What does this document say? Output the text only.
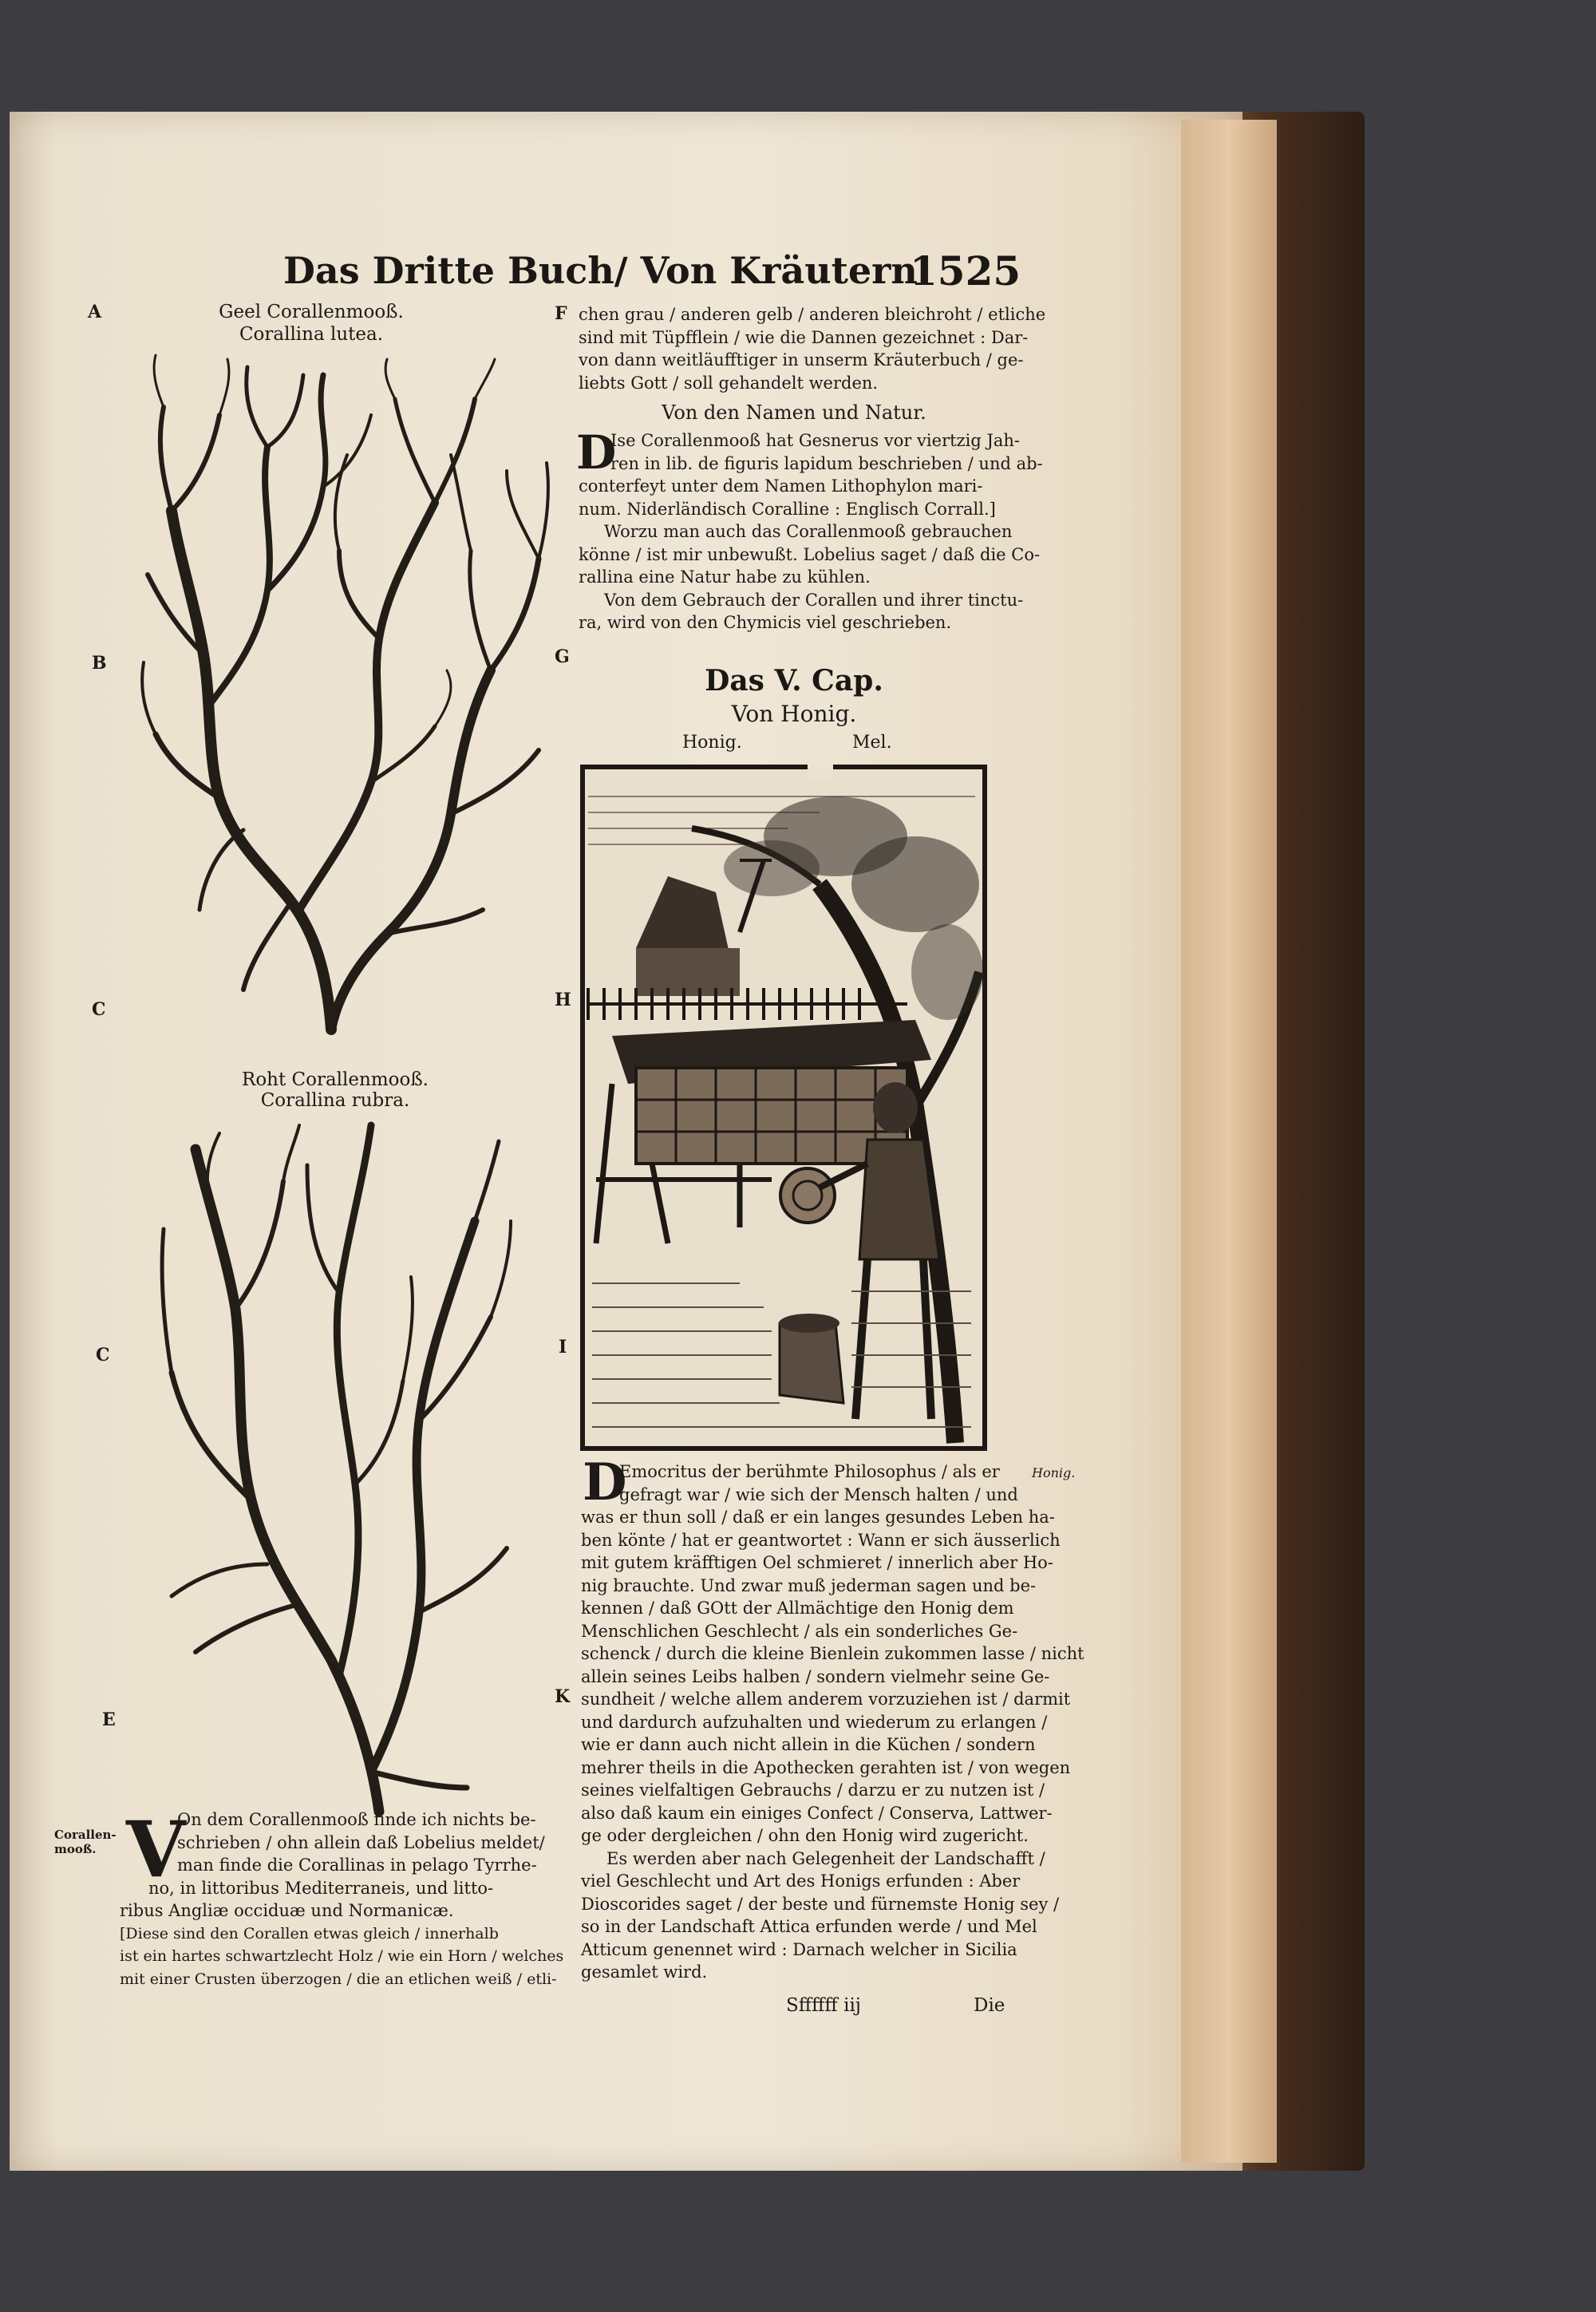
Das Dritte Buch/ Von Kräutern.
1525
A
B
C
C
E
F
G
H
I
K
Geel Corallenmooß.
Corallina lutea.
Roht Corallenmooß.
Corallina rubra.
Corallen-
mooß. V
On dem Corallenmooß finde ich nichts be-
schrieben / ohn allein daß Lobelius meldet/
man finde die Corallinas in pelago Tyrrhe-
no, in littoribus Mediterraneis, und litto-
ribus Angliæ occiduæ und Normanicæ.
[Diese sind den Corallen etwas gleich / innerhalb
ist ein hartes schwartzlecht Holz / wie ein Horn / welches
mit einer Crusten überzogen / die an etlichen weiß / etli-
chen grau / anderen gelb / anderen bleichroht / etliche
sind mit Tüpfflein / wie die Dannen gezeichnet : Dar-
von dann weitläufftiger in unserm Kräuterbuch / ge-
liebts Gott / soll gehandelt werden.
Von den Namen und Natur.
D
Ise Corallenmooß hat Gesnerus vor viertzig Jah-
ren in lib. de figuris lapidum beschrieben / und ab-
conterfeyt unter dem Namen Lithophylon mari-
num. Niderländisch Coralline : Englisch Corrall.]
Worzu man auch das Corallenmooß gebrauchen
könne / ist mir unbewußt. Lobelius saget / daß die Co-
rallina eine Natur habe zu kühlen.
Von dem Gebrauch der Corallen und ihrer tinctu-
ra, wird von den Chymicis viel geschrieben.
Das V. Cap.
Von Honig.
Honig.	Mel.
Honig.
D
Emocritus der berühmte Philosophus / als er
gefragt war / wie sich der Mensch halten / und
was er thun soll / daß er ein langes gesundes Leben ha-
ben könte / hat er geantwortet : Wann er sich äusserlich
mit gutem kräfftigen Oel schmieret / innerlich aber Ho-
nig brauchte. Und zwar muß jederman sagen und be-
kennen / daß GOtt der Allmächtige den Honig dem
Menschlichen Geschlecht / als ein sonderliches Ge-
schenck / durch die kleine Bienlein zukommen lasse / nicht
allein seines Leibs halben / sondern vielmehr seine Ge-
sundheit / welche allem anderem vorzuziehen ist / darmit
und dardurch aufzuhalten und wiederum zu erlangen /
wie er dann auch nicht allein in die Küchen / sondern
mehrer theils in die Apothecken gerahten ist / von wegen
seines vielfaltigen Gebrauchs / darzu er zu nutzen ist /
also daß kaum ein einiges Confect / Conserva, Lattwer-
ge oder dergleichen / ohn den Honig wird zugericht.
Es werden aber nach Gelegenheit der Landschafft /
viel Geschlecht und Art des Honigs erfunden : Aber
Dioscorides saget / der beste und fürnemste Honig sey /
so in der Landschaft Attica erfunden werde / und Mel
Atticum genennet wird : Darnach welcher in Sicilia
gesamlet wird.
Sffffff iij	Die
